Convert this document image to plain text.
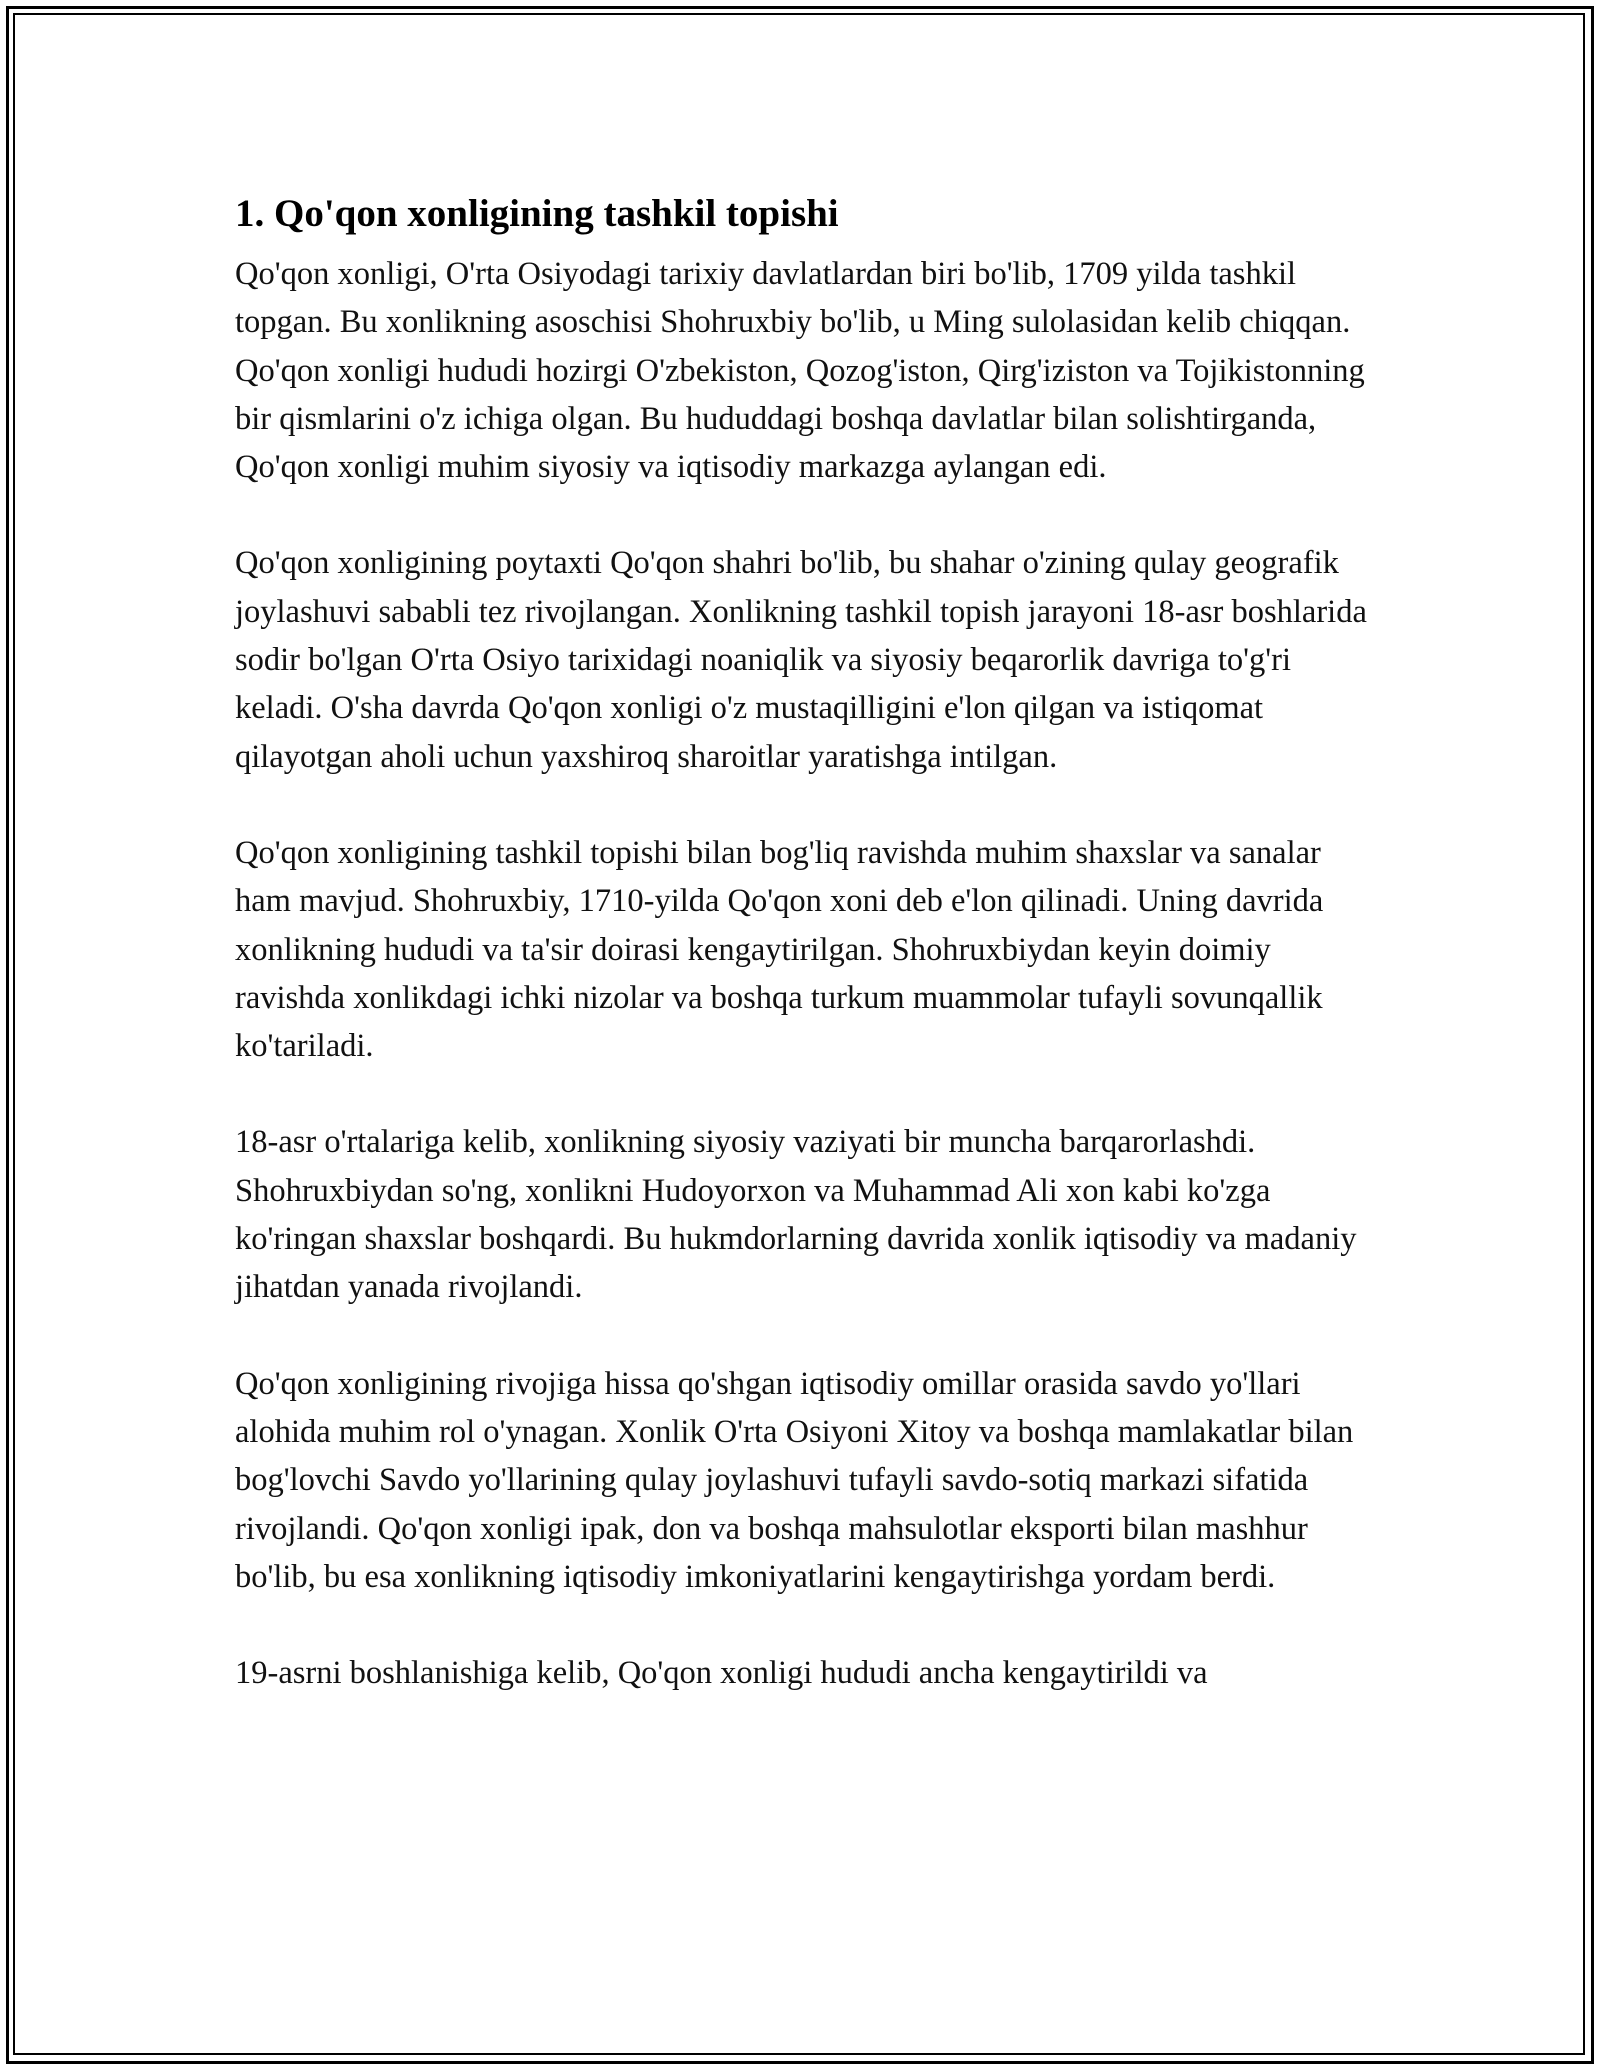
1. Qo'qon xonligining tashkil topishi

Qo'qon xonligi, O'rta Osiyodagi tarixiy davlatlardan biri bo'lib, 1709 yilda tashkil topgan. Bu xonlikning asoschisi Shohruxbiy bo'lib, u Ming sulolasidan kelib chiqqan. Qo'qon xonligi hududi hozirgi O'zbekiston, Qozog'iston, Qirg'iziston va Tojikistonning bir qismlarini o'z ichiga olgan. Bu hududdagi boshqa davlatlar bilan solishtirganda, Qo'qon xonligi muhim siyosiy va iqtisodiy markazga aylangan edi.

Qo'qon xonligining poytaxti Qo'qon shahri bo'lib, bu shahar o'zining qulay geografik joylashuvi sababli tez rivojlangan. Xonlikning tashkil topish jarayoni 18-asr boshlarida sodir bo'lgan O'rta Osiyo tarixidagi noaniqlik va siyosiy beqarorlik davriga to'g'ri keladi. O'sha davrda Qo'qon xonligi o'z mustaqilligini e'lon qilgan va istiqomat qilayotgan aholi uchun yaxshiroq sharoitlar yaratishga intilgan.

Qo'qon xonligining tashkil topishi bilan bog'liq ravishda muhim shaxslar va sanalar ham mavjud. Shohruxbiy, 1710-yilda Qo'qon xoni deb e'lon qilinadi. Uning davrida xonlikning hududi va ta'sir doirasi kengaytirilgan. Shohruxbiydan keyin doimiy ravishda xonlikdagi ichki nizolar va boshqa turkum muammolar tufayli sovunqallik ko'tariladi.

18-asr o'rtalariga kelib, xonlikning siyosiy vaziyati bir muncha barqarorlashdi. Shohruxbiydan so'ng, xonlikni Hudoyorxon va Muhammad Ali xon kabi ko'zga ko'ringan shaxslar boshqardi. Bu hukmdorlarning davrida xonlik iqtisodiy va madaniy jihatdan yanada rivojlandi.

Qo'qon xonligining rivojiga hissa qo'shgan iqtisodiy omillar orasida savdo yo'llari alohida muhim rol o'ynagan. Xonlik O'rta Osiyoni Xitoy va boshqa mamlakatlar bilan bog'lovchi Savdo yo'llarining qulay joylashuvi tufayli savdo-sotiq markazi sifatida rivojlandi. Qo'qon xonligi ipak, don va boshqa mahsulotlar eksporti bilan mashhur bo'lib, bu esa xonlikning iqtisodiy imkoniyatlarini kengaytirishga yordam berdi.

19-asrni boshlanishiga kelib, Qo'qon xonligi hududi ancha kengaytirildi va
